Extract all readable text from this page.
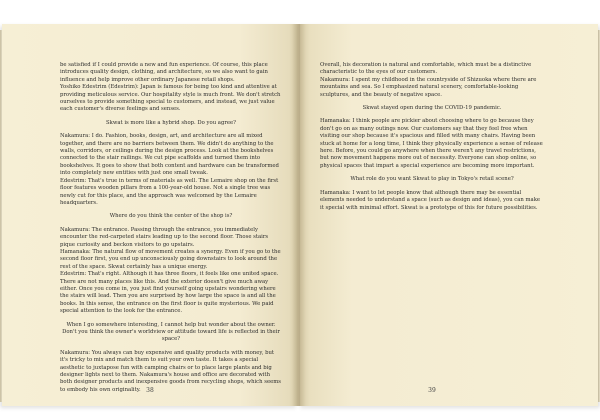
be satisfied if I could provide a new and fun experience. Of course, this place introduces quality design, clothing, and architecture, so we also want to gain influence and help improve other ordinary Japanese retail shops.

Yoshiko Edestrim (Edestrim): Japan is famous for being too kind and attentive at providing meticulous service. Our hospitality style is much front. We don't stretch ourselves to provide something special to customers, and instead, we just value each customer's diverse feelings and senses.

Skwat is more like a hybrid shop. Do you agree?

Nakamura: I do. Fashion, books, design, art, and architecture are all mixed together, and there are no barriers between them. We didn't do anything to the walls, corridors, or ceilings during the design process. Look at the bookshelves connected to the stair railings. We cut pipe scaffolds and turned them into bookshelves. It goes to show that both content and hardware can be transformed into completely new entities with just one small tweak.

Edestrim: That's true in terms of materials as well. The Lemaire shop on the first floor features wooden pillars from a 100-year-old house. Not a single tree was newly cut for this place, and the approach was welcomed by the Lemaire headquarters.

Where do you think the center of the shop is?

Nakamura: The entrance. Passing through the entrance, you immediately encounter the red-carpeted stairs leading up to the second floor. Those stairs pique curiosity and beckon visitors to go upstairs.

Hamanaka: The natural flow of movement creates a synergy. Even if you go to the second floor first, you end up unconsciously going downstairs to look around the rest of the space. Skwat certainly has a unique energy.

Edestrim: That's right. Although it has three floors, it feels like one united space. There are not many places like this. And the exterior doesn't give much away either. Once you come in, you just find yourself going upstairs wondering where the stairs will lead. Then you are surprised by how large the space is and all the books. In this sense, the entrance on the first floor is quite mysterious. We paid special attention to the look for the entrance.

When I go somewhere interesting, I cannot help but wonder about the owner. Don't you think the owner's worldview or attitude toward life is reflected in their space?

Nakamura: You always can buy expensive and quality products with money, but it's tricky to mix and match them to suit your own taste. It takes a special aesthetic to juxtapose fun with camping chairs or to place large plants and big designer lights next to them. Nakamura's house and office are decorated with both designer products and inexpensive goods from recycling shops, which seems to embody his own originality. 38

Overall, his decoration is natural and comfortable, which must be a distinctive characteristic to the eyes of our customers.

Nakamura: I spent my childhood in the countryside of Shizuoka where there are mountains and sea. So I emphasized natural scenery, comfortable-looking sculptures, and the beauty of negative space.

Skwat stayed open during the COVID-19 pandemic.

Hamanaka: I think people are pickier about choosing where to go because they don't go on as many outings now. Our customers say that they feel free when visiting our shop because it's spacious and filled with many chairs. Having been stuck at home for a long time, I think they physically experience a sense of release here. Before, you could go anywhere when there weren't any travel restrictions, but now movement happens more out of necessity. Everyone can shop online, so physical spaces that impart a special experience are becoming more important.

What role do you want Skwat to play in Tokyo's retail scene?

Hamanaka: I want to let people know that although there may be essential elements needed to understand a space (such as design and ideas), you can make it special with minimal effort. Skwat is a prototype of this for future possibilities.

39
